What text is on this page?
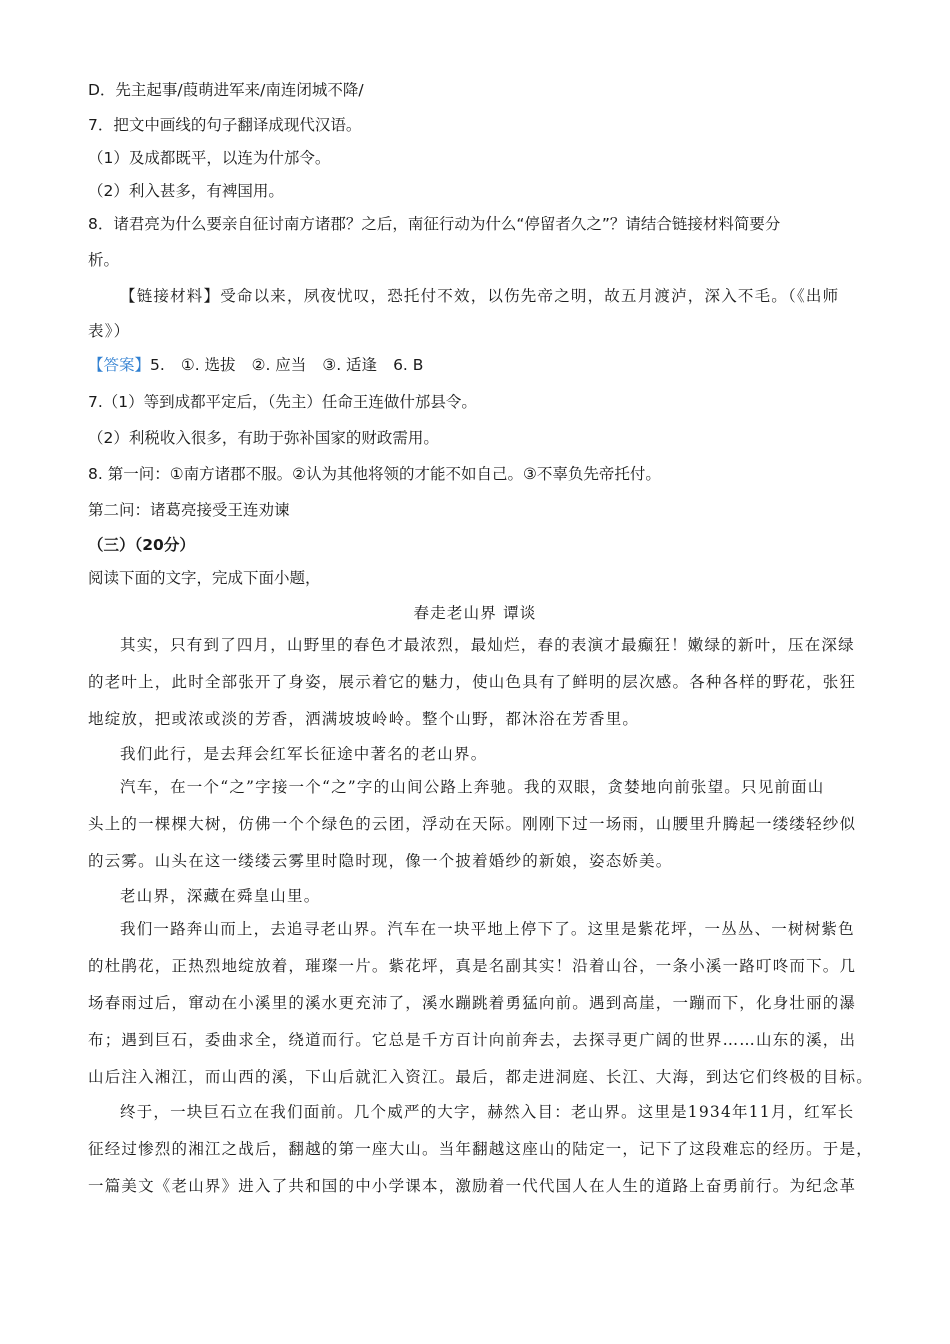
D．先主起事/葭萌进军来/南连闭城不降/
7．把文中画线的句子翻译成现代汉语。
（1）及成都既平，以连为什邡令。
（2）利入甚多，有裨国用。
8．诸君亮为什么要亲自征讨南方诸郡？之后，南征行动为什么“停留者久之”？请结合链接材料简要分
析。
【链接材料】受命以来，夙夜忧叹，恐托付不效，以伤先帝之明，故五月渡泸，深入不毛。（《出师
表》）
【答案】5. ①. 选拔 ②. 应当 ③. 适逢 6. B
7.（1）等到成都平定后，（先主）任命王连做什邡县令。
（2）利税收入很多，有助于弥补国家的财政需用。
8. 第一问：①南方诸郡不服。②认为其他将领的才能不如自己。③不辜负先帝托付。
第二问：诸葛亮接受王连劝谏
（三）（20分）
阅读下面的文字，完成下面小题，
春走老山界 谭谈
其实，只有到了四月，山野里的春色才最浓烈，最灿烂，春的表演才最癫狂！嫩绿的新叶，压在深绿
的老叶上，此时全部张开了身姿，展示着它的魅力，使山色具有了鲜明的层次感。各种各样的野花，张狂
地绽放，把或浓或淡的芳香，洒满坡坡岭岭。整个山野，都沐浴在芳香里。
我们此行，是去拜会红军长征途中著名的老山界。
汽车，在一个“之”字接一个“之”字的山间公路上奔驰。我的双眼，贪婪地向前张望。只见前面山
头上的一棵棵大树，仿佛一个个绿色的云团，浮动在天际。刚刚下过一场雨，山腰里升腾起一缕缕轻纱似
的云雾。山头在这一缕缕云雾里时隐时现，像一个披着婚纱的新娘，姿态娇美。
老山界，深藏在舜皇山里。
我们一路奔山而上，去追寻老山界。汽车在一块平地上停下了。这里是紫花坪，一丛丛、一树树紫色
的杜鹃花，正热烈地绽放着，璀璨一片。紫花坪，真是名副其实！沿着山谷，一条小溪一路叮咚而下。几
场春雨过后，窜动在小溪里的溪水更充沛了，溪水蹦跳着勇猛向前。遇到高崖，一蹦而下，化身壮丽的瀑
布；遇到巨石，委曲求全，绕道而行。它总是千方百计向前奔去，去探寻更广阔的世界……山东的溪，出
山后注入湘江，而山西的溪，下山后就汇入资江。最后，都走进洞庭、长江、大海，到达它们终极的目标。
终于，一块巨石立在我们面前。几个威严的大字，赫然入目：老山界。这里是1934年11月，红军长
征经过惨烈的湘江之战后，翻越的第一座大山。当年翻越这座山的陆定一，记下了这段难忘的经历。于是，
一篇美文《老山界》进入了共和国的中小学课本，激励着一代代国人在人生的道路上奋勇前行。为纪念革
